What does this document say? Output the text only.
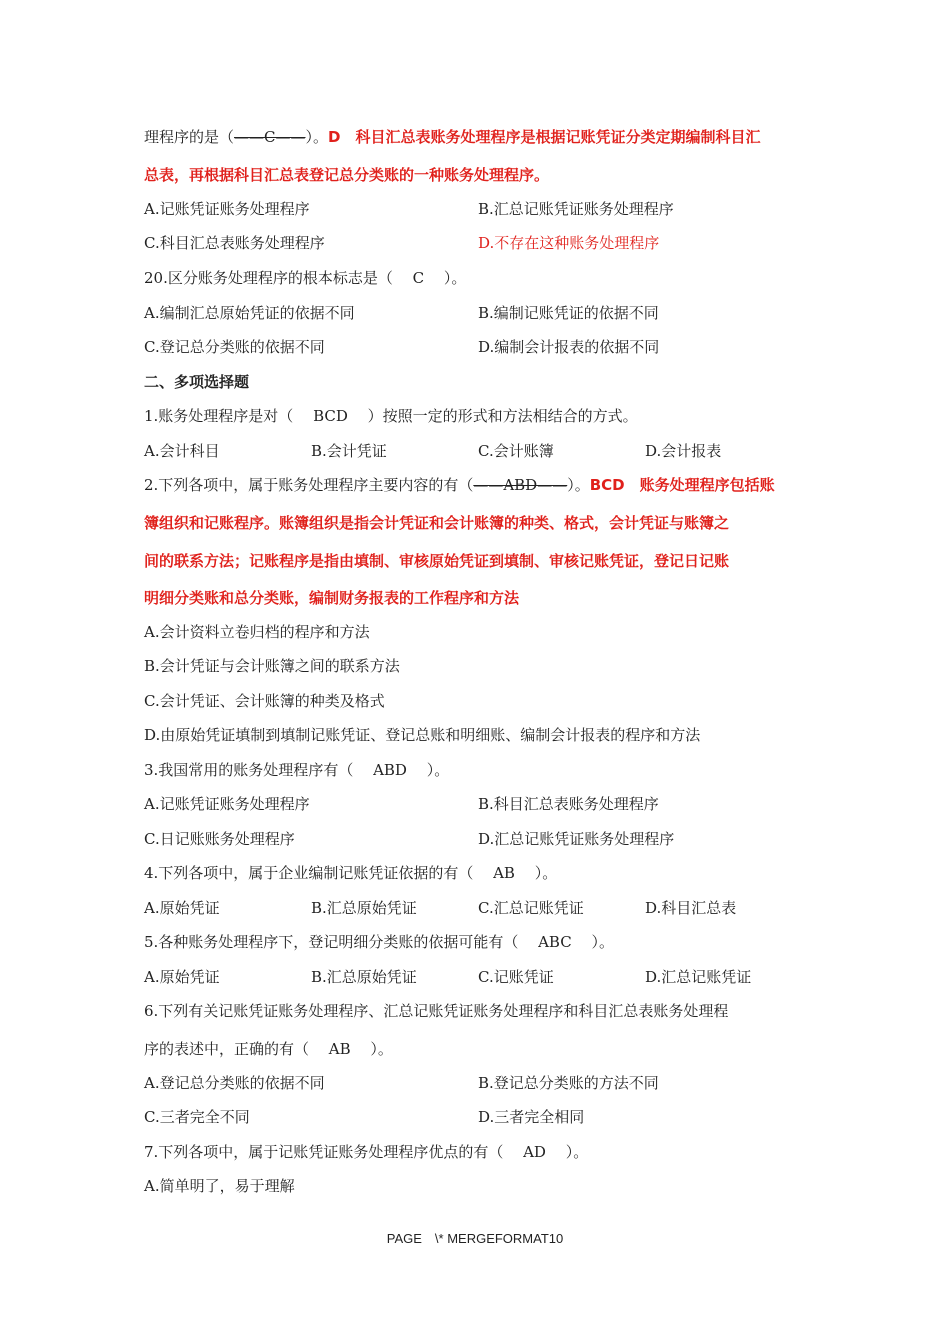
理程序的是（——C——）。D　科目汇总表账务处理程序是根据记账凭证分类定期编制科目汇
总表，再根据科目汇总表登记总分类账的一种账务处理程序。
A.记账凭证账务处理程序	B.汇总记账凭证账务处理程序
C.科目汇总表账务处理程序	D.不存在这种账务处理程序
20.区分账务处理程序的根本标志是（　 C　 ）。
A.编制汇总原始凭证的依据不同	B.编制记账凭证的依据不同
C.登记总分类账的依据不同	D.编制会计报表的依据不同
二、多项选择题
1.账务处理程序是对（　 BCD　 ）按照一定的形式和方法相结合的方式。
A.会计科目	B.会计凭证	C.会计账簿	D.会计报表
2.下列各项中，属于账务处理程序主要内容的有（——ABD——）。BCD　账务处理程序包括账
簿组织和记账程序。账簿组织是指会计凭证和会计账簿的种类、格式，会计凭证与账簿之
间的联系方法；记账程序是指由填制、审核原始凭证到填制、审核记账凭证，登记日记账
明细分类账和总分类账，编制财务报表的工作程序和方法
A.会计资料立卷归档的程序和方法
B.会计凭证与会计账簿之间的联系方法
C.会计凭证、会计账簿的种类及格式
D.由原始凭证填制到填制记账凭证、登记总账和明细账、编制会计报表的程序和方法
3.我国常用的账务处理程序有（　 ABD　 ）。
A.记账凭证账务处理程序	B.科目汇总表账务处理程序
C.日记账账务处理程序	D.汇总记账凭证账务处理程序
4.下列各项中，属于企业编制记账凭证依据的有（　 AB　 ）。
A.原始凭证	B.汇总原始凭证	C.汇总记账凭证	D.科目汇总表
5.各种账务处理程序下，登记明细分类账的依据可能有（　 ABC　 ）。
A.原始凭证	B.汇总原始凭证	C.记账凭证	D.汇总记账凭证
6.下列有关记账凭证账务处理程序、汇总记账凭证账务处理程序和科目汇总表账务处理程
序的表述中，正确的有（　 AB　 ）。
A.登记总分类账的依据不同	B.登记总分类账的方法不同
C.三者完全不同	D.三者完全相同
7.下列各项中，属于记账凭证账务处理程序优点的有（　 AD　 ）。
A.简单明了，易于理解
PAGE　\* MERGEFORMAT10
